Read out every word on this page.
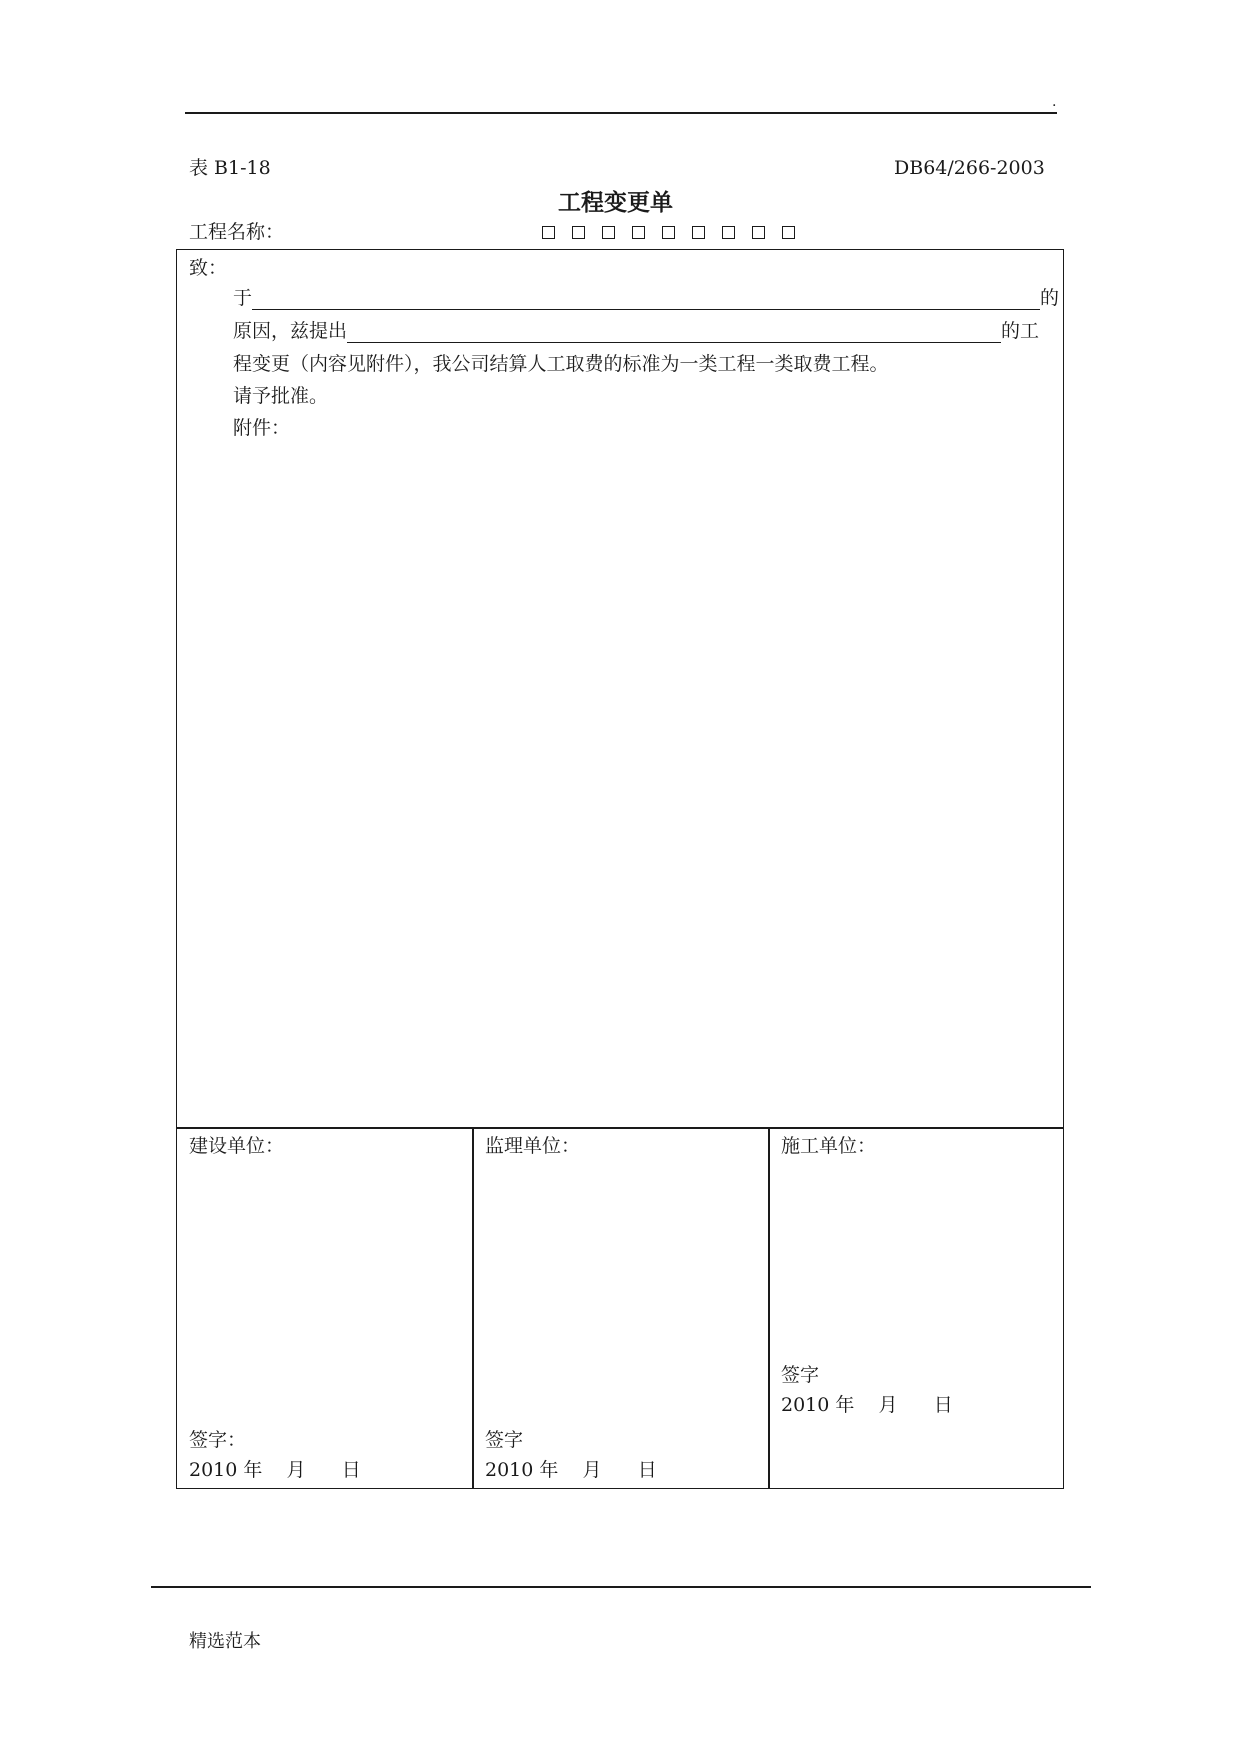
.
表 B1-18	DB64/266-2003
工程变更单
工程名称：
致：
于	的
原因，兹提出	的工
程变更（内容见附件），我公司结算人工取费的标准为一类工程一类取费工程。
请予批准。
附件：
建设单位：
签字：
2010 年    月      日
监理单位：
签字
2010 年    月      日
施工单位：
签字
2010 年    月      日
精选范本
